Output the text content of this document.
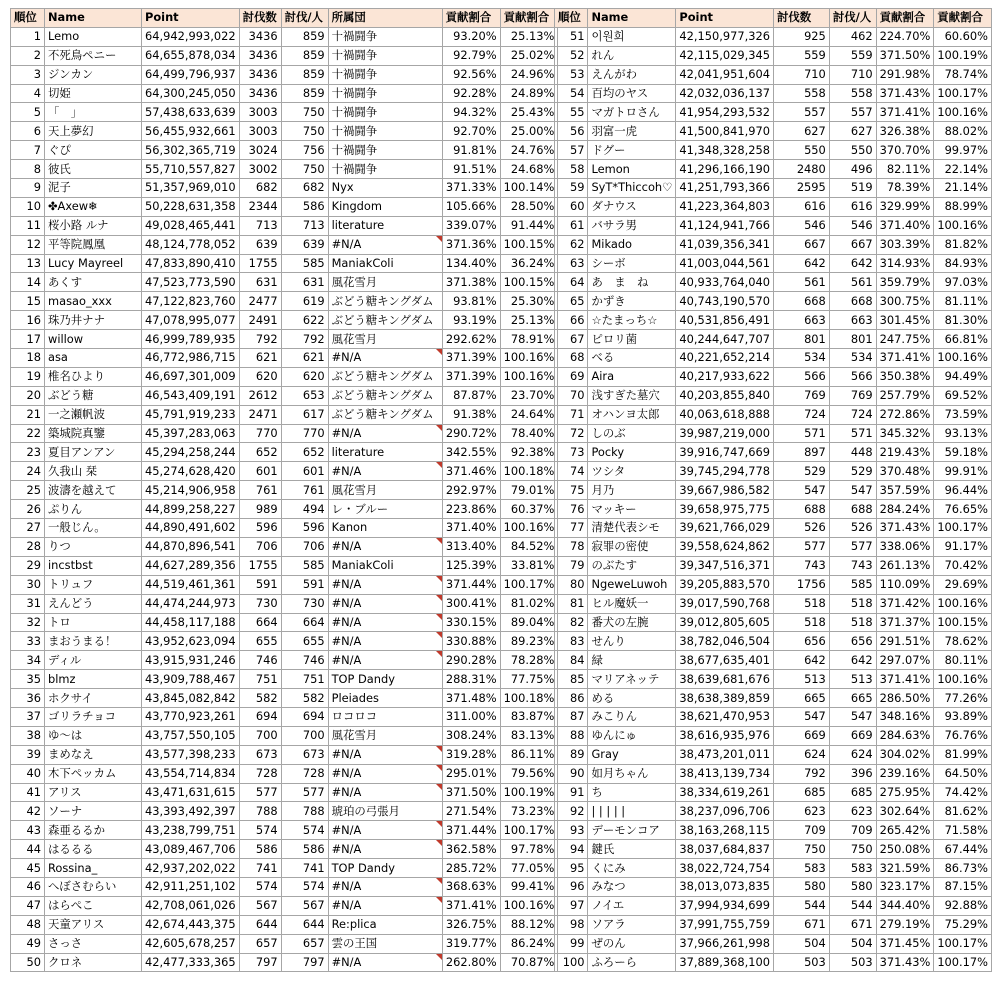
順位	Name	Point	討伐数	討伐/人	所属団	貢献割合	貢献割合
1	Lemo	64,942,993,022	3436	859	十禍闘争	93.20%	25.13%
2	不死鳥ペニー	64,655,878,034	3436	859	十禍闘争	92.79%	25.02%
3	ジンカン	64,499,796,937	3436	859	十禍闘争	92.56%	24.96%
4	切姫	64,300,245,050	3436	859	十禍闘争	92.28%	24.89%
5	「　」	57,438,633,639	3003	750	十禍闘争	94.32%	25.43%
6	天上夢幻	56,455,932,661	3003	750	十禍闘争	92.70%	25.00%
7	ぐぴ	56,302,365,719	3024	756	十禍闘争	91.81%	24.76%
8	彼氏	55,710,557,827	3002	750	十禍闘争	91.51%	24.68%
9	泥子	51,357,969,010	682	682	Nyx	371.33%	100.14%
10	✤Axew❄	50,228,631,358	2344	586	Kingdom	105.66%	28.50%
11	桜小路 ルナ	49,028,465,441	713	713	literature	339.07%	91.44%
12	平等院鳳凰	48,124,778,052	639	639	#N/A	371.36%	100.15%
13	Lucy Mayreel	47,833,890,410	1755	585	ManiakColi	134.40%	36.24%
14	あくす	47,523,773,590	631	631	風花雪月	371.38%	100.15%
15	masao_xxx	47,122,823,760	2477	619	ぶどう糖キングダム	93.81%	25.30%
16	珠乃井ナナ	47,078,995,077	2491	622	ぶどう糖キングダム	93.19%	25.13%
17	willow	46,999,789,935	792	792	風花雪月	292.62%	78.91%
18	asa	46,772,986,715	621	621	#N/A	371.39%	100.16%
19	椎名ひより	46,697,301,009	620	620	ぶどう糖キングダム	371.39%	100.16%
20	ぶどう糖	46,543,409,191	2612	653	ぶどう糖キングダム	87.87%	23.70%
21	一之瀬帆波	45,791,919,233	2471	617	ぶどう糖キングダム	91.38%	24.64%
22	築城院真鑒	45,397,283,063	770	770	#N/A	290.72%	78.40%
23	夏目アンアン	45,294,258,244	652	652	literature	342.55%	92.38%
24	久我山 栞	45,274,628,420	601	601	#N/A	371.46%	100.18%
25	波濤を越えて	45,214,906,958	761	761	風花雪月	292.97%	79.01%
26	ぷりん	44,899,258,227	989	494	レ・ブルー	223.86%	60.37%
27	一般じん。	44,890,491,602	596	596	Kanon	371.40%	100.16%
28	りつ	44,870,896,541	706	706	#N/A	313.40%	84.52%
29	incstbst	44,627,289,356	1755	585	ManiakColi	125.39%	33.81%
30	トリュフ	44,519,461,361	591	591	#N/A	371.44%	100.17%
31	えんどう	44,474,244,973	730	730	#N/A	300.41%	81.02%
32	トロ	44,458,117,188	664	664	#N/A	330.15%	89.04%
33	まおうまる！	43,952,623,094	655	655	#N/A	330.88%	89.23%
34	ディル	43,915,931,246	746	746	#N/A	290.28%	78.28%
35	blmz	43,909,788,467	751	751	TOP Dandy	288.31%	77.75%
36	ホクサイ	43,845,082,842	582	582	Pleiades	371.48%	100.18%
37	ゴリラチョコ	43,770,923,261	694	694	ロコロコ	311.00%	83.87%
38	ゆ〜は	43,757,550,105	700	700	風花雪月	308.24%	83.13%
39	まめなえ	43,577,398,233	673	673	#N/A	319.28%	86.11%
40	木下ペッカム	43,554,714,834	728	728	#N/A	295.01%	79.56%
41	アリス	43,471,631,615	577	577	#N/A	371.50%	100.19%
42	ソーナ	43,393,492,397	788	788	琥珀の弓張月	271.54%	73.23%
43	森亜るるか	43,238,799,751	574	574	#N/A	371.44%	100.17%
44	はるるる	43,089,467,706	586	586	#N/A	362.58%	97.78%
45	Rossina_	42,937,202,022	741	741	TOP Dandy	285.72%	77.05%
46	へぼさむらい	42,911,251,102	574	574	#N/A	368.63%	99.41%
47	はらぺこ	42,708,061,026	567	567	#N/A	371.41%	100.16%
48	天童アリス	42,674,443,375	644	644	Re:plica	326.75%	88.12%
49	さっさ	42,605,678,257	657	657	雲の王国	319.77%	86.24%
50	クロネ	42,477,333,365	797	797	#N/A	262.80%	70.87%
順位	Name	Point	討伐数	討伐/人	貢献割合	貢献割合
51	이원희	42,150,977,326	925	462	224.70%	60.60%
52	れん	42,115,029,345	559	559	371.50%	100.19%
53	えんがわ	42,041,951,604	710	710	291.98%	78.74%
54	百均のヤス	42,032,036,137	558	558	371.43%	100.17%
55	マガトロさん	41,954,293,532	557	557	371.41%	100.16%
56	羽富一虎	41,500,841,970	627	627	326.38%	88.02%
57	ドグー	41,348,328,258	550	550	370.70%	99.97%
58	Lemon	41,296,166,190	2480	496	82.11%	22.14%
59	SyT*Thiccoh♡	41,251,793,366	2595	519	78.39%	21.14%
60	ダナウス	41,223,364,803	616	616	329.99%	88.99%
61	バサラ男	41,124,941,766	546	546	371.40%	100.16%
62	Mikado	41,039,356,341	667	667	303.39%	81.82%
63	シーボ	41,003,044,561	642	642	314.93%	84.93%
64	あ　ま　ね	40,933,764,040	561	561	359.79%	97.03%
65	かずき	40,743,190,570	668	668	300.75%	81.11%
66	☆たまっち☆	40,531,856,491	663	663	301.45%	81.30%
67	ピロリ菌	40,244,647,707	801	801	247.75%	66.81%
68	べる	40,221,652,214	534	534	371.41%	100.16%
69	Aira	40,217,933,622	566	566	350.38%	94.49%
70	浅すぎた墓穴	40,203,855,840	769	769	257.79%	69.52%
71	オハンヨ太郎	40,063,618,888	724	724	272.86%	73.59%
72	しのぶ	39,987,219,000	571	571	345.32%	93.13%
73	Pocky	39,916,747,669	897	448	219.43%	59.18%
74	ツシタ	39,745,294,778	529	529	370.48%	99.91%
75	月乃	39,667,986,582	547	547	357.59%	96.44%
76	マッキー	39,658,975,775	688	688	284.24%	76.65%
77	清楚代表シモ	39,621,766,029	526	526	371.43%	100.17%
78	寂罪の密使	39,558,624,862	577	577	338.06%	91.17%
79	のぶたす	39,347,516,371	743	743	261.13%	70.42%
80	NgeweLuwoh	39,205,883,570	1756	585	110.09%	29.69%
81	ヒル魔妖一	39,017,590,768	518	518	371.42%	100.16%
82	番犬の左腕	39,012,805,605	518	518	371.37%	100.15%
83	せんり	38,782,046,504	656	656	291.51%	78.62%
84	緑	38,677,635,401	642	642	297.07%	80.11%
85	マリアネッテ	38,639,681,676	513	513	371.41%	100.16%
86	める	38,638,389,859	665	665	286.50%	77.26%
87	みこりん	38,621,470,953	547	547	348.16%	93.89%
88	ゆんにゅ	38,616,935,976	669	669	284.63%	76.76%
89	Gray	38,473,201,011	624	624	304.02%	81.99%
90	如月ちゃん	38,413,139,734	792	396	239.16%	64.50%
91	ち	38,334,619,261	685	685	275.95%	74.42%
92	| | | | |	38,237,096,706	623	623	302.64%	81.62%
93	デーモンコア	38,163,268,115	709	709	265.42%	71.58%
94	鍵氏	38,037,684,837	750	750	250.08%	67.44%
95	くにみ	38,022,724,754	583	583	321.59%	86.73%
96	みなつ	38,013,073,835	580	580	323.17%	87.15%
97	ノイエ	37,994,934,699	544	544	344.40%	92.88%
98	ソアラ	37,991,755,759	671	671	279.19%	75.29%
99	ぜのん	37,966,261,998	504	504	371.45%	100.17%
100	ふろーら	37,889,368,100	503	503	371.43%	100.17%
